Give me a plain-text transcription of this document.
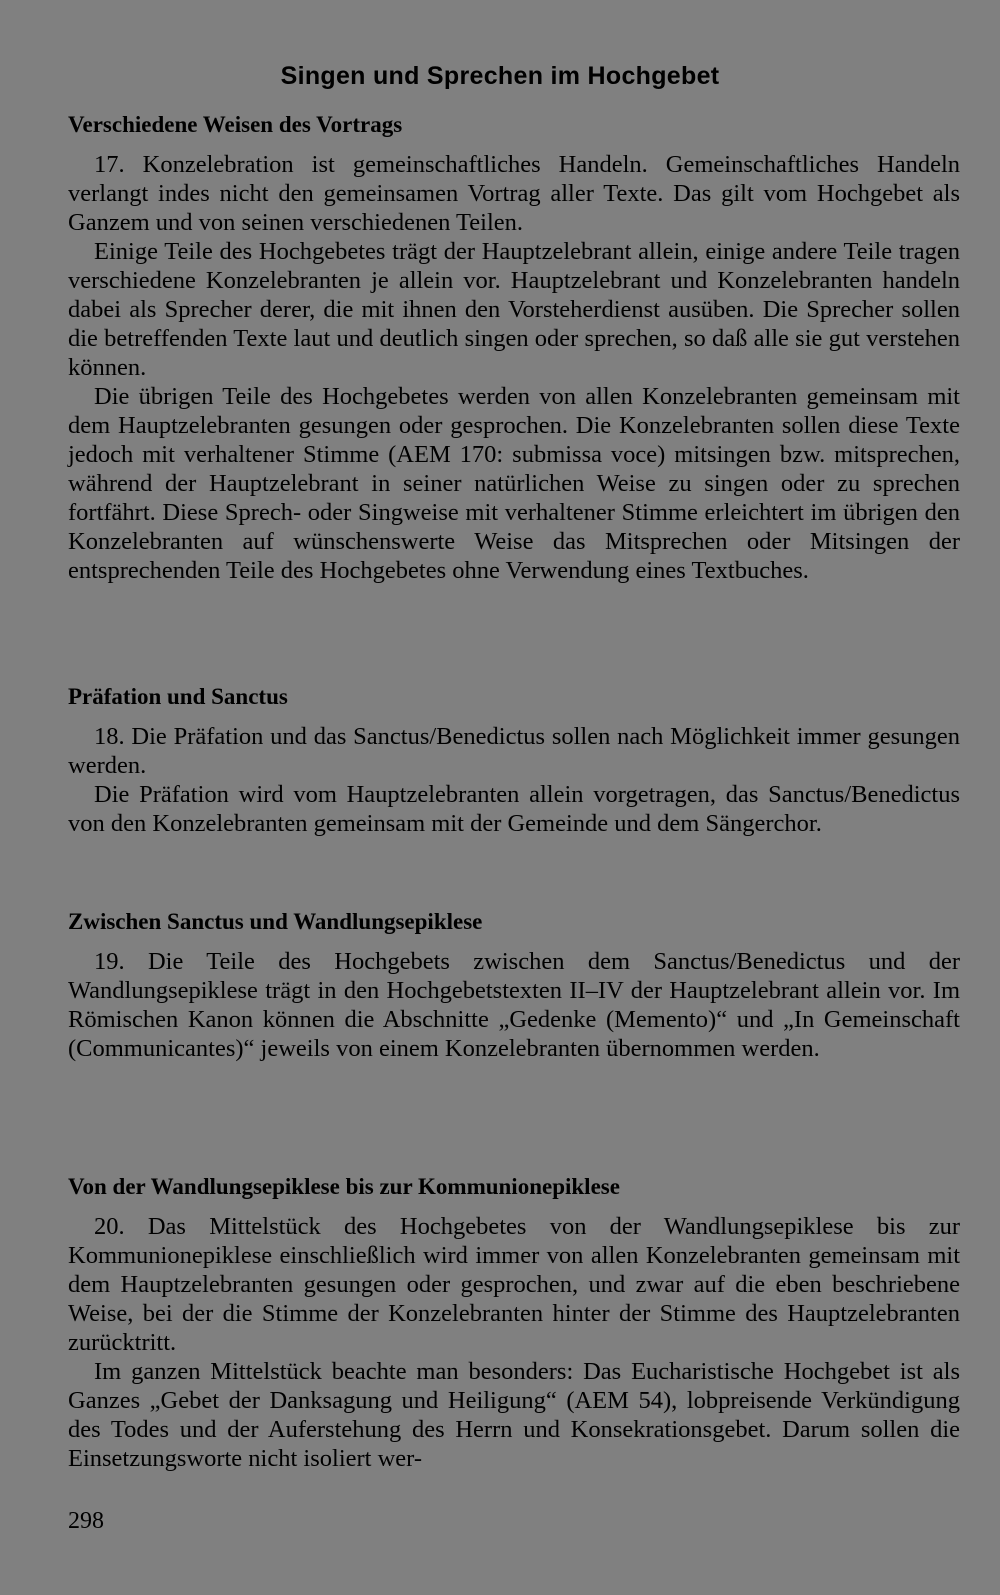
Singen und Sprechen im Hochgebet
Verschiedene Weisen des Vortrags

17. Konzelebration ist gemeinschaftliches Handeln. Gemeinschaftliches Handeln verlangt indes nicht den gemeinsamen Vortrag aller Texte. Das gilt vom Hochgebet als Ganzem und von seinen verschiedenen Teilen.

Einige Teile des Hochgebetes trägt der Hauptzelebrant allein, einige andere Teile tragen verschiedene Konzelebranten je allein vor. Hauptzelebrant und Konzelebranten handeln dabei als Sprecher derer, die mit ihnen den Vorsteherdienst ausüben. Die Sprecher sollen die betreffenden Texte laut und deutlich singen oder sprechen, so daß alle sie gut verstehen können.

Die übrigen Teile des Hochgebetes werden von allen Konzelebranten gemeinsam mit dem Hauptzelebranten gesungen oder gesprochen. Die Konzelebranten sollen diese Texte jedoch mit verhaltener Stimme (AEM 170: submissa voce) mitsingen bzw. mitsprechen, während der Hauptzelebrant in seiner natürlichen Weise zu singen oder zu sprechen fortfährt. Diese Sprech- oder Singweise mit verhaltener Stimme erleichtert im übrigen den Konzelebranten auf wünschenswerte Weise das Mitsprechen oder Mitsingen der entsprechenden Teile des Hochgebetes ohne Verwendung eines Textbuches.

Präfation und Sanctus

18. Die Präfation und das Sanctus/Benedictus sollen nach Möglichkeit immer gesungen werden.

Die Präfation wird vom Hauptzelebranten allein vorgetragen, das Sanctus/Benedictus von den Konzelebranten gemeinsam mit der Gemeinde und dem Sängerchor.

Zwischen Sanctus und Wandlungsepiklese

19. Die Teile des Hochgebets zwischen dem Sanctus/Benedictus und der Wandlungsepiklese trägt in den Hochgebetstexten II–IV der Hauptzelebrant allein vor. Im Römischen Kanon können die Abschnitte „Gedenke (Memento)“ und „In Gemeinschaft (Communicantes)“ jeweils von einem Konzelebranten übernommen werden.

Von der Wandlungsepiklese bis zur Kommunionepiklese

20. Das Mittelstück des Hochgebetes von der Wandlungsepiklese bis zur Kommunionepiklese einschließlich wird immer von allen Konzelebranten gemeinsam mit dem Hauptzelebranten gesungen oder gesprochen, und zwar auf die eben beschriebene Weise, bei der die Stimme der Konzelebranten hinter der Stimme des Hauptzelebranten zurücktritt.

Im ganzen Mittelstück beachte man besonders: Das Eucharistische Hochgebet ist als Ganzes „Gebet der Danksagung und Heiligung“ (AEM 54), lobpreisende Verkündigung des Todes und der Auferstehung des Herrn und Konsekrationsgebet. Darum sollen die Einsetzungsworte nicht isoliert wer-

298
